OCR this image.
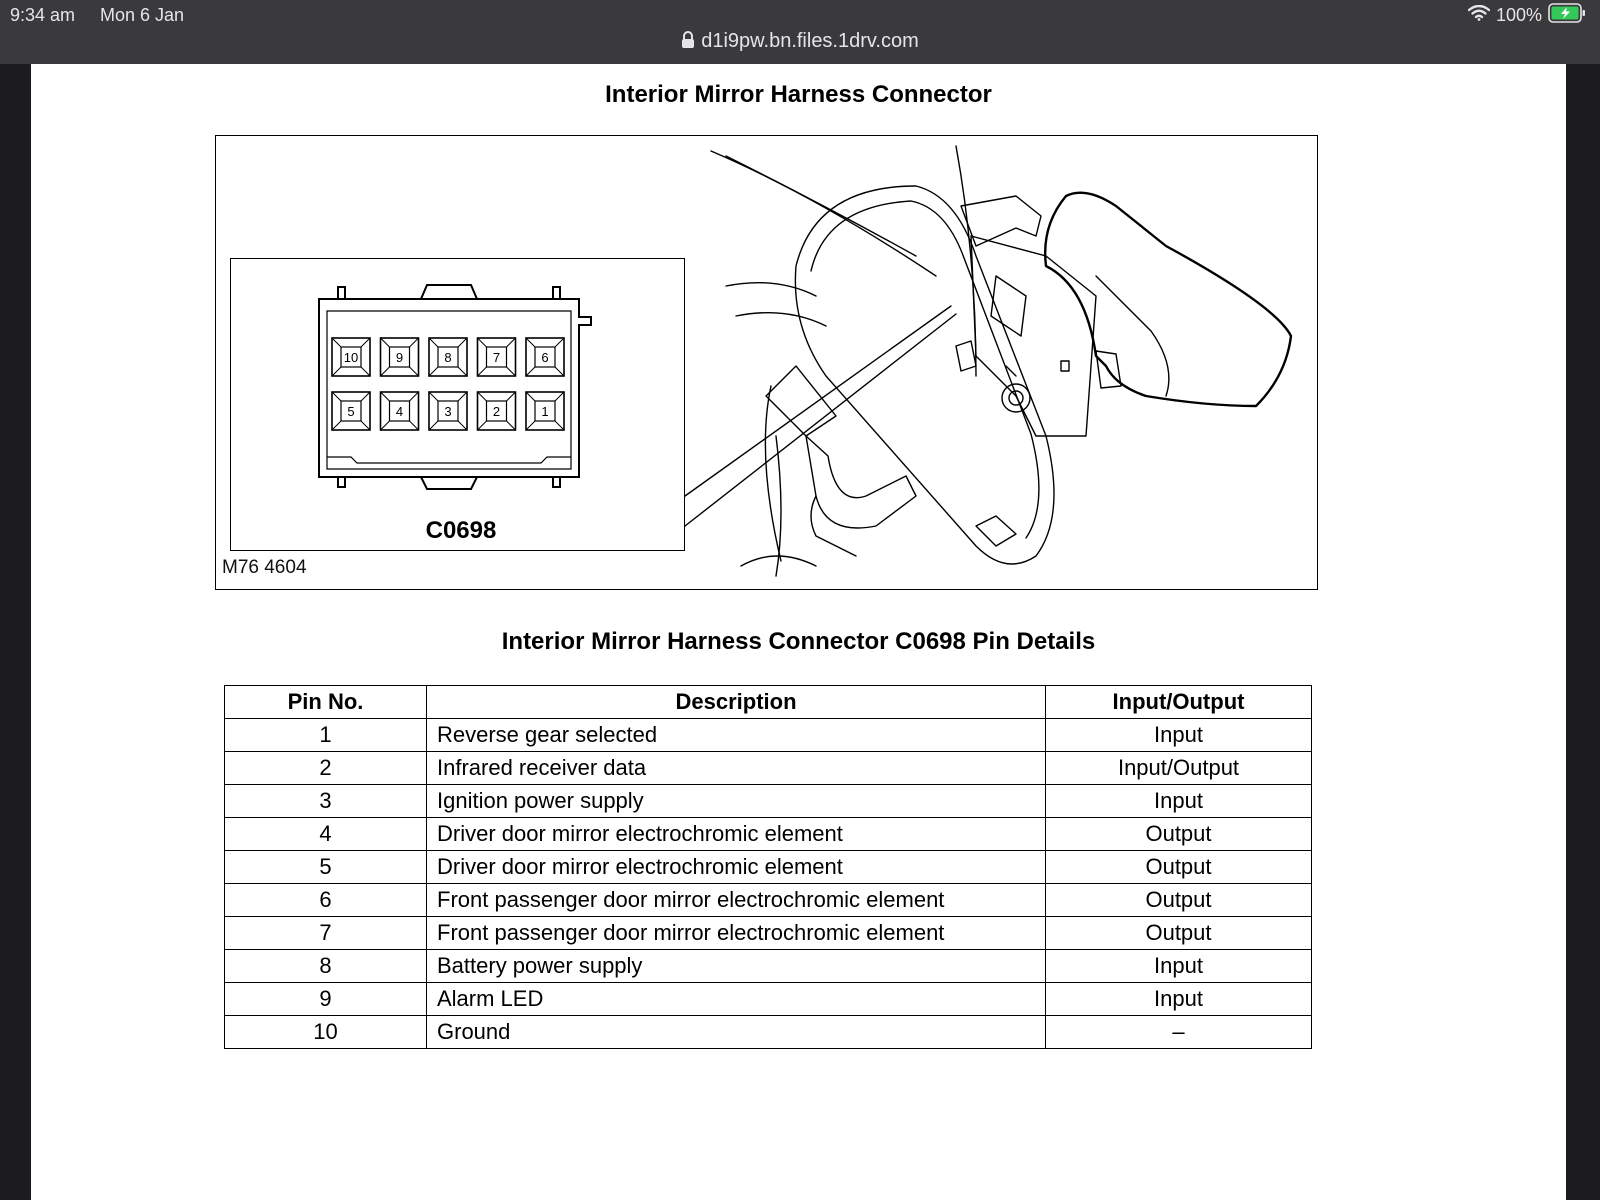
9:34 am Mon 6 Jan	100%
d1i9pw.bn.files.1drv.com
Interior Mirror Harness Connector
M76 4604
10	9	8	7	6
5	4	3	2	1
C0698
Interior Mirror Harness Connector C0698 Pin Details
Pin No.	Description	Input/Output
1	Reverse gear selected	Input
2	Infrared receiver data	Input/Output
3	Ignition power supply	Input
4	Driver door mirror electrochromic element	Output
5	Driver door mirror electrochromic element	Output
6	Front passenger door mirror electrochromic element	Output
7	Front passenger door mirror electrochromic element	Output
8	Battery power supply	Input
9	Alarm LED	Input
10	Ground	–
